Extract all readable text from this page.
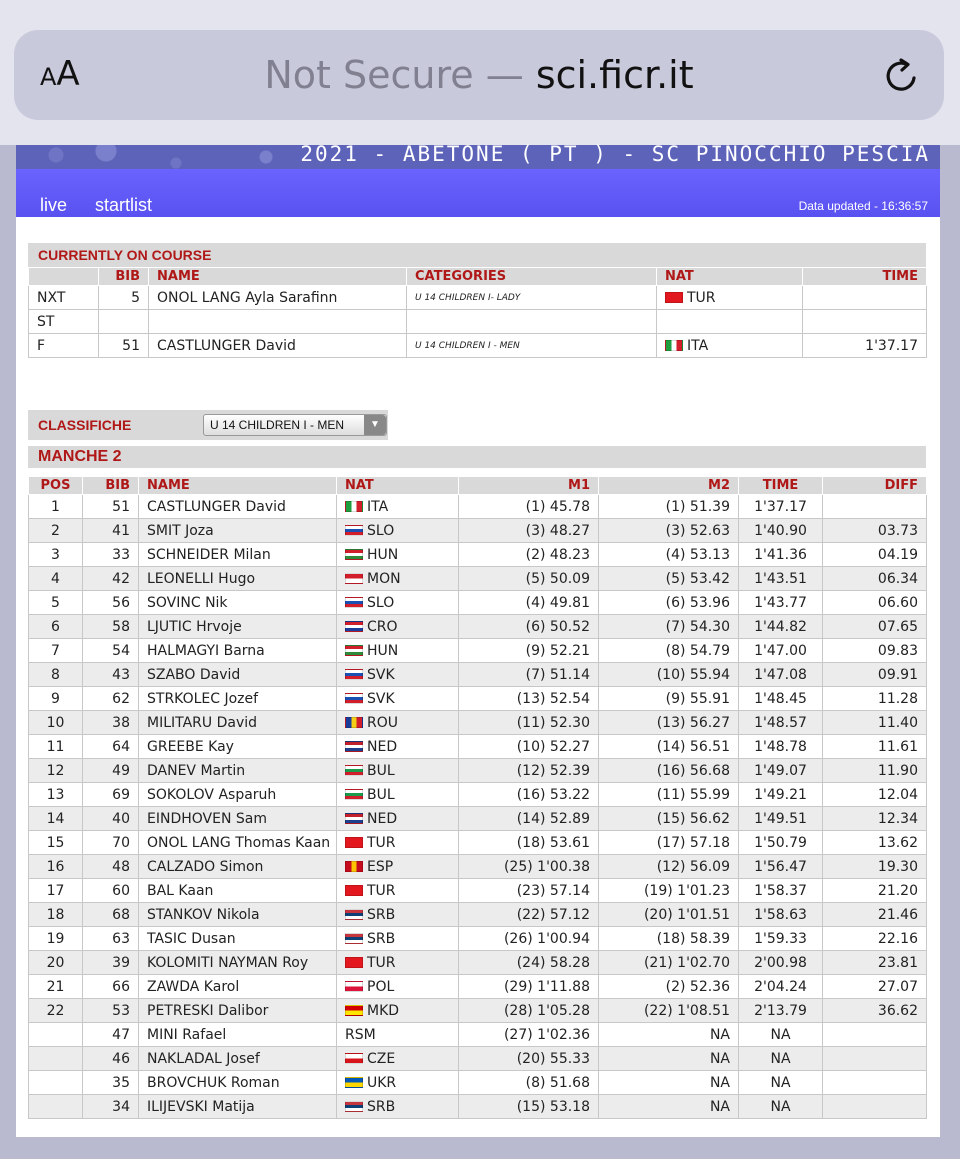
AA	Not Secure — sci.ficr.it
2021 - ABETONE ( PT ) - SC PINOCCHIO PESCIA
live startlist	Data updated - 16:36:57
CURRENTLY ON COURSE
	BIB	NAME	CATEGORIES	NAT	TIME
NXT	5	ONOL LANG Ayla Sarafinn	U 14 CHILDREN I- LADY	TUR	
ST					
F	51	CASTLUNGER David	U 14 CHILDREN I - MEN	ITA	1'37.17
CLASSIFICHE	U 14 CHILDREN I - MEN	▼
MANCHE 2
POS	BIB	NAME	NAT	M1	M2	TIME	DIFF
1	51	CASTLUNGER David	ITA	(1) 45.78	(1) 51.39	1'37.17	
2	41	SMIT Joza	SLO	(3) 48.27	(3) 52.63	1'40.90	03.73
3	33	SCHNEIDER Milan	HUN	(2) 48.23	(4) 53.13	1'41.36	04.19
4	42	LEONELLI Hugo	MON	(5) 50.09	(5) 53.42	1'43.51	06.34
5	56	SOVINC Nik	SLO	(4) 49.81	(6) 53.96	1'43.77	06.60
6	58	LJUTIC Hrvoje	CRO	(6) 50.52	(7) 54.30	1'44.82	07.65
7	54	HALMAGYI Barna	HUN	(9) 52.21	(8) 54.79	1'47.00	09.83
8	43	SZABO David	SVK	(7) 51.14	(10) 55.94	1'47.08	09.91
9	62	STRKOLEC Jozef	SVK	(13) 52.54	(9) 55.91	1'48.45	11.28
10	38	MILITARU David	ROU	(11) 52.30	(13) 56.27	1'48.57	11.40
11	64	GREEBE Kay	NED	(10) 52.27	(14) 56.51	1'48.78	11.61
12	49	DANEV Martin	BUL	(12) 52.39	(16) 56.68	1'49.07	11.90
13	69	SOKOLOV Asparuh	BUL	(16) 53.22	(11) 55.99	1'49.21	12.04
14	40	EINDHOVEN Sam	NED	(14) 52.89	(15) 56.62	1'49.51	12.34
15	70	ONOL LANG Thomas Kaan	TUR	(18) 53.61	(17) 57.18	1'50.79	13.62
16	48	CALZADO Simon	ESP	(25) 1'00.38	(12) 56.09	1'56.47	19.30
17	60	BAL Kaan	TUR	(23) 57.14	(19) 1'01.23	1'58.37	21.20
18	68	STANKOV Nikola	SRB	(22) 57.12	(20) 1'01.51	1'58.63	21.46
19	63	TASIC Dusan	SRB	(26) 1'00.94	(18) 58.39	1'59.33	22.16
20	39	KOLOMITI NAYMAN Roy	TUR	(24) 58.28	(21) 1'02.70	2'00.98	23.81
21	66	ZAWDA Karol	POL	(29) 1'11.88	(2) 52.36	2'04.24	27.07
22	53	PETRESKI Dalibor	MKD	(28) 1'05.28	(22) 1'08.51	2'13.79	36.62
	47	MINI Rafael	RSM	(27) 1'02.36	NA	NA	
	46	NAKLADAL Josef	CZE	(20) 55.33	NA	NA	
	35	BROVCHUK Roman	UKR	(8) 51.68	NA	NA	
	34	ILIJEVSKI Matija	SRB	(15) 53.18	NA	NA	
